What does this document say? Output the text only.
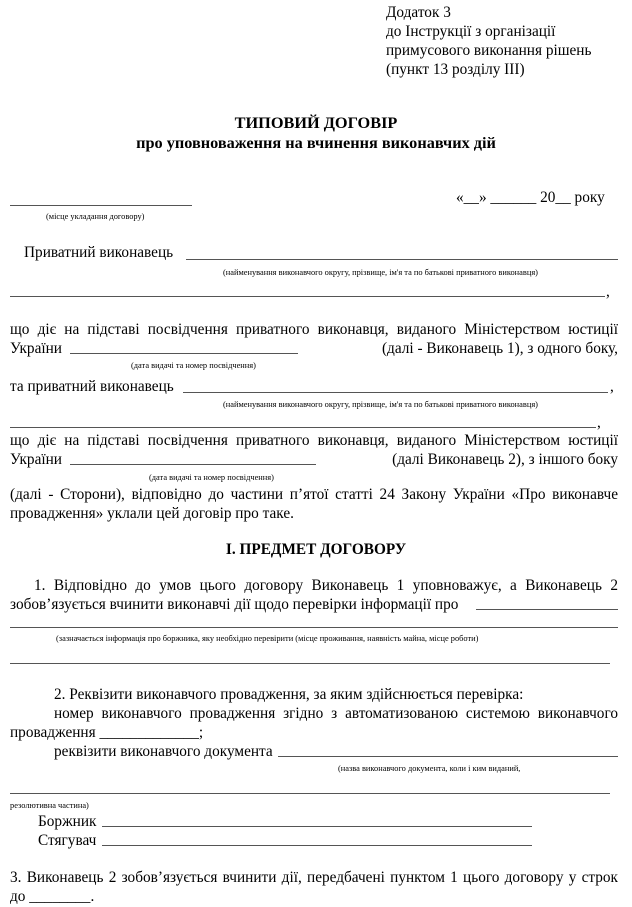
Додаток 3
до Інструкції з організації
примусового виконання рішень
(пункт 13 розділу ІІІ)
ТИПОВИЙ ДОГОВІР
про уповноваження на вчинення виконавчих дій
(місце укладання договору)
«__» ______ 20__ року
Приватний виконавець
(найменування виконавчого округу, прізвище, ім'я та по батькові приватного виконавця)
,
що діє на підставі посвідчення приватного виконавця, виданого Міністерством юстиції
України	(далі - Виконавець 1), з одного боку,
(дата видачі та номер посвідчення)
та приватний виконавець	,
(найменування виконавчого округу, прізвище, ім'я та по батькові приватного виконавця)
,
що діє на підставі посвідчення приватного виконавця, виданого Міністерством юстиції
України	(далі Виконавець 2), з іншого боку
(дата видачі та номер посвідчення)
(далі - Сторони), відповідно до частини п’ятої статті 24 Закону України «Про виконавче
провадження» уклали цей договір про таке.
І. ПРЕДМЕТ ДОГОВОРУ
1. Відповідно до умов цього договору Виконавець 1 уповноважує, а Виконавець 2
зобов’язується вчинити виконавчі дії щодо перевірки інформації про
(зазначається інформація про боржника, яку необхідно перевірити (місце проживання, наявність майна, місце роботи)
2. Реквізити виконавчого провадження, за яким здійснюється перевірка:
номер виконавчого провадження згідно з автоматизованою системою виконавчого
провадження _____________;
реквізити виконавчого документа
(назва виконавчого документа, коли і ким виданий,
резолютивна частина)
Боржник
Стягувач
3. Виконавець 2 зобов’язується вчинити дії, передбачені пунктом 1 цього договору у строк
до ________.
